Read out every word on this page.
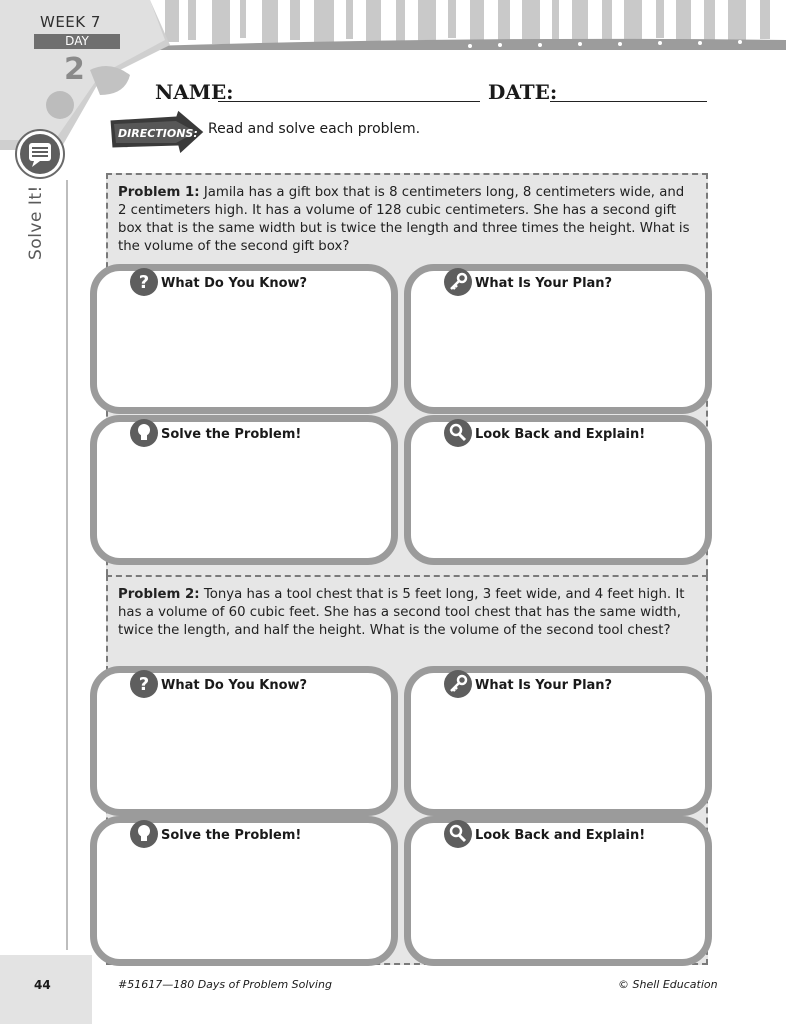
WEEK 7
DAY
2
Solve It!
NAME:	DATE:
DIRECTIONS: Read and solve each problem.
Problem 1: Jamila has a gift box that is 8 centimeters long, 8 centimeters wide, and 2 centimeters high. It has a volume of 128 cubic centimeters. She has a second gift box that is the same width but is twice the length and three times the height. What is the volume of the second gift box?
? What Do You Know?	What Is Your Plan?
Solve the Problem!	Look Back and Explain!
Problem 2: Tonya has a tool chest that is 5 feet long, 3 feet wide, and 4 feet high. It has a volume of 60 cubic feet. She has a second tool chest that has the same width, twice the length, and half the height. What is the volume of the second tool chest?
? What Do You Know?	What Is Your Plan?
Solve the Problem!	Look Back and Explain!
44	#51617—180 Days of Problem Solving	© Shell Education
